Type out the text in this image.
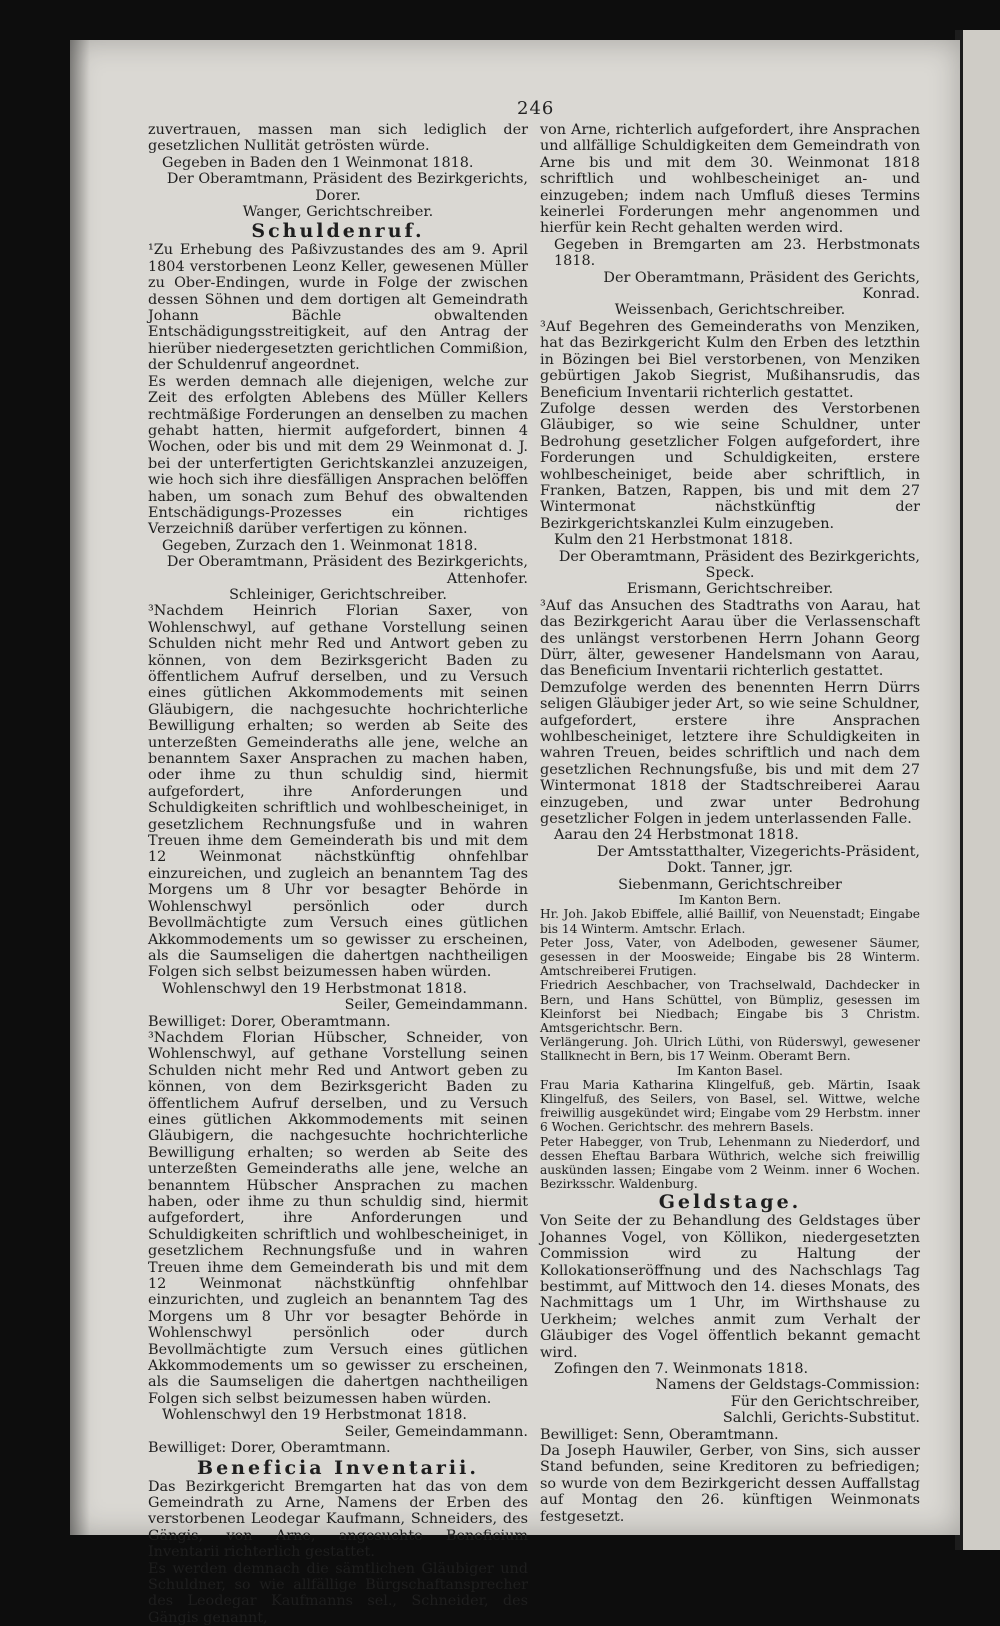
246

zuvertrauen, massen man sich lediglich der gesetzlichen Nullität getrösten würde.

Gegeben in Baden den 1 Weinmonat 1818.

Der Oberamtmann, Präsident des Bezirkgerichts,

Dorer.

Wanger, Gerichtschreiber.

Schuldenruf.

¹Zu Erhebung des Paßivzustandes des am 9. April 1804 verstorbenen Leonz Keller, gewesenen Müller zu Ober-Endingen, wurde in Folge der zwischen dessen Söhnen und dem dortigen alt Gemeindrath Johann Bächle obwaltenden Entschädigungsstreitigkeit, auf den Antrag der hierüber niedergesetzten gerichtlichen Commißion, der Schuldenruf angeordnet.

Es werden demnach alle diejenigen, welche zur Zeit des erfolgten Ablebens des Müller Kellers rechtmäßige Forderungen an denselben zu machen gehabt hatten, hiermit aufgefordert, binnen 4 Wochen, oder bis und mit dem 29 Weinmonat d. J. bei der unterfertigten Gerichtskanzlei anzuzeigen, wie hoch sich ihre diesfälligen Ansprachen belöffen haben, um sonach zum Behuf des obwaltenden Entschädigungs-Prozesses ein richtiges Verzeichniß darüber verfertigen zu können.

Gegeben, Zurzach den 1. Weinmonat 1818.

Der Oberamtmann, Präsident des Bezirkgerichts,

Attenhofer.

Schleiniger, Gerichtschreiber.

³Nachdem Heinrich Florian Saxer, von Wohlenschwyl, auf gethane Vorstellung seinen Schulden nicht mehr Red und Antwort geben zu können, von dem Bezirksgericht Baden zu öffentlichem Aufruf derselben, und zu Versuch eines gütlichen Akkommodements mit seinen Gläubigern, die nachgesuchte hochrichterliche Bewilligung erhalten; so werden ab Seite des unterzeßten Gemeinderaths alle jene, welche an benanntem Saxer Ansprachen zu machen haben, oder ihme zu thun schuldig sind, hiermit aufgefordert, ihre Anforderungen und Schuldigkeiten schriftlich und wohlbescheiniget, in gesetzlichem Rechnungsfuße und in wahren Treuen ihme dem Gemeinderath bis und mit dem 12 Weinmonat nächstkünftig ohnfehlbar einzureichen, und zugleich an benanntem Tag des Morgens um 8 Uhr vor besagter Behörde in Wohlenschwyl persönlich oder durch Bevollmächtigte zum Versuch eines gütlichen Akkommodements um so gewisser zu erscheinen, als die Saumseligen die dahertgen nachtheiligen Folgen sich selbst beizumessen haben würden.

Wohlenschwyl den 19 Herbstmonat 1818.

Seiler, Gemeindammann.

Bewilliget: Dorer, Oberamtmann.

³Nachdem Florian Hübscher, Schneider, von Wohlenschwyl, auf gethane Vorstellung seinen Schulden nicht mehr Red und Antwort geben zu können, von dem Bezirksgericht Baden zu öffentlichem Aufruf derselben, und zu Versuch eines gütlichen Akkommodements mit seinen Gläubigern, die nachgesuchte hochrichterliche Bewilligung erhalten; so werden ab Seite des unterzeßten Gemeinderaths alle jene, welche an benanntem Hübscher Ansprachen zu machen haben, oder ihme zu thun schuldig sind, hiermit aufgefordert, ihre Anforderungen und Schuldigkeiten schriftlich und wohlbescheiniget, in gesetzlichem Rechnungsfuße und in wahren Treuen ihme dem Gemeinderath bis und mit dem 12 Weinmonat nächstkünftig ohnfehlbar einzurichten, und zugleich an benanntem Tag des Morgens um 8 Uhr vor besagter Behörde in Wohlenschwyl persönlich oder durch Bevollmächtigte zum Versuch eines gütlichen Akkommodements um so gewisser zu erscheinen, als die Saumseligen die dahertgen nachtheiligen Folgen sich selbst beizumessen haben würden.

Wohlenschwyl den 19 Herbstmonat 1818.

Seiler, Gemeindammann.

Bewilliget: Dorer, Oberamtmann.

Beneficia Inventarii.

Das Bezirkgericht Bremgarten hat das von dem Gemeindrath zu Arne, Namens der Erben des verstorbenen Leodegar Kaufmann, Schneiders, des Gängis, von Arne, angesuchte Beneficium Inventarii richterlich gestattet.

Es werden demnach die sämtlichen Gläubiger und Schuldner, so wie allfällige Bürgschaftansprecher des Leodegar Kaufmanns sel., Schneider, des Gängis genannt,

von Arne, richterlich aufgefordert, ihre Ansprachen und allfällige Schuldigkeiten dem Gemeindrath von Arne bis und mit dem 30. Weinmonat 1818 schriftlich und wohlbescheiniget an- und einzugeben; indem nach Umfluß dieses Termins keinerlei Forderungen mehr angenommen und hierfür kein Recht gehalten werden wird.

Gegeben in Bremgarten am 23. Herbstmonats 1818.

Der Oberamtmann, Präsident des Gerichts,

Konrad.

Weissenbach, Gerichtschreiber.

³Auf Begehren des Gemeinderaths von Menziken, hat das Bezirkgericht Kulm den Erben des letzthin in Bözingen bei Biel verstorbenen, von Menziken gebürtigen Jakob Siegrist, Mußihansrudis, das Beneficium Inventarii richterlich gestattet.

Zufolge dessen werden des Verstorbenen Gläubiger, so wie seine Schuldner, unter Bedrohung gesetzlicher Folgen aufgefordert, ihre Forderungen und Schuldigkeiten, erstere wohlbescheiniget, beide aber schriftlich, in Franken, Batzen, Rappen, bis und mit dem 27 Wintermonat nächstkünftig der Bezirkgerichtskanzlei Kulm einzugeben.

Kulm den 21 Herbstmonat 1818.

Der Oberamtmann, Präsident des Bezirkgerichts,

Speck.

Erismann, Gerichtschreiber.

³Auf das Ansuchen des Stadtraths von Aarau, hat das Bezirkgericht Aarau über die Verlassenschaft des unlängst verstorbenen Herrn Johann Georg Dürr, älter, gewesener Handelsmann von Aarau, das Beneficium Inventarii richterlich gestattet.

Demzufolge werden des benennten Herrn Dürrs seligen Gläubiger jeder Art, so wie seine Schuldner, aufgefordert, erstere ihre Ansprachen wohlbescheiniget, letztere ihre Schuldigkeiten in wahren Treuen, beides schriftlich und nach dem gesetzlichen Rechnungsfuße, bis und mit dem 27 Wintermonat 1818 der Stadtschreiberei Aarau einzugeben, und zwar unter Bedrohung gesetzlicher Folgen in jedem unterlassenden Falle.

Aarau den 24 Herbstmonat 1818.

Der Amtsstatthalter, Vizegerichts-Präsident,

Dokt. Tanner, jgr.

Siebenmann, Gerichtschreiber

Im Kanton Bern.

Hr. Joh. Jakob Ebiffele, allié Baillif, von Neuenstadt; Eingabe bis 14 Winterm. Amtschr. Erlach.

Peter Joss, Vater, von Adelboden, gewesener Säumer, gesessen in der Moosweide; Eingabe bis 28 Winterm. Amtschreiberei Frutigen.

Friedrich Aeschbacher, von Trachselwald, Dachdecker in Bern, und Hans Schüttel, von Bümpliz, gesessen im Kleinforst bei Niedbach; Eingabe bis 3 Christm. Amtsgerichtschr. Bern.

Verlängerung. Joh. Ulrich Lüthi, von Rüderswyl, gewesener Stallknecht in Bern, bis 17 Weinm. Oberamt Bern.

Im Kanton Basel.

Frau Maria Katharina Klingelfuß, geb. Märtin, Isaak Klingelfuß, des Seilers, von Basel, sel. Wittwe, welche freiwillig ausgekündet wird; Eingabe vom 29 Herbstm. inner 6 Wochen. Gerichtschr. des mehrern Basels.

Peter Habegger, von Trub, Lehenmann zu Niederdorf, und dessen Eheftau Barbara Wüthrich, welche sich freiwillig auskünden lassen; Eingabe vom 2 Weinm. inner 6 Wochen. Bezirksschr. Waldenburg.

Geldstage.

Von Seite der zu Behandlung des Geldstages über Johannes Vogel, von Köllikon, niedergesetzten Commission wird zu Haltung der Kollokationseröffnung und des Nachschlags Tag bestimmt, auf Mittwoch den 14. dieses Monats, des Nachmittags um 1 Uhr, im Wirthshause zu Uerkheim; welches anmit zum Verhalt der Gläubiger des Vogel öffentlich bekannt gemacht wird.

Zofingen den 7. Weinmonats 1818.

Namens der Geldstags-Commission:

Für den Gerichtschreiber,

Salchli, Gerichts-Substitut.

Bewilliget: Senn, Oberamtmann.

Da Joseph Hauwiler, Gerber, von Sins, sich ausser Stand befunden, seine Kreditoren zu befriedigen; so wurde von dem Bezirkgericht dessen Auffallstag auf Montag den 26. künftigen Weinmonats festgesetzt.
